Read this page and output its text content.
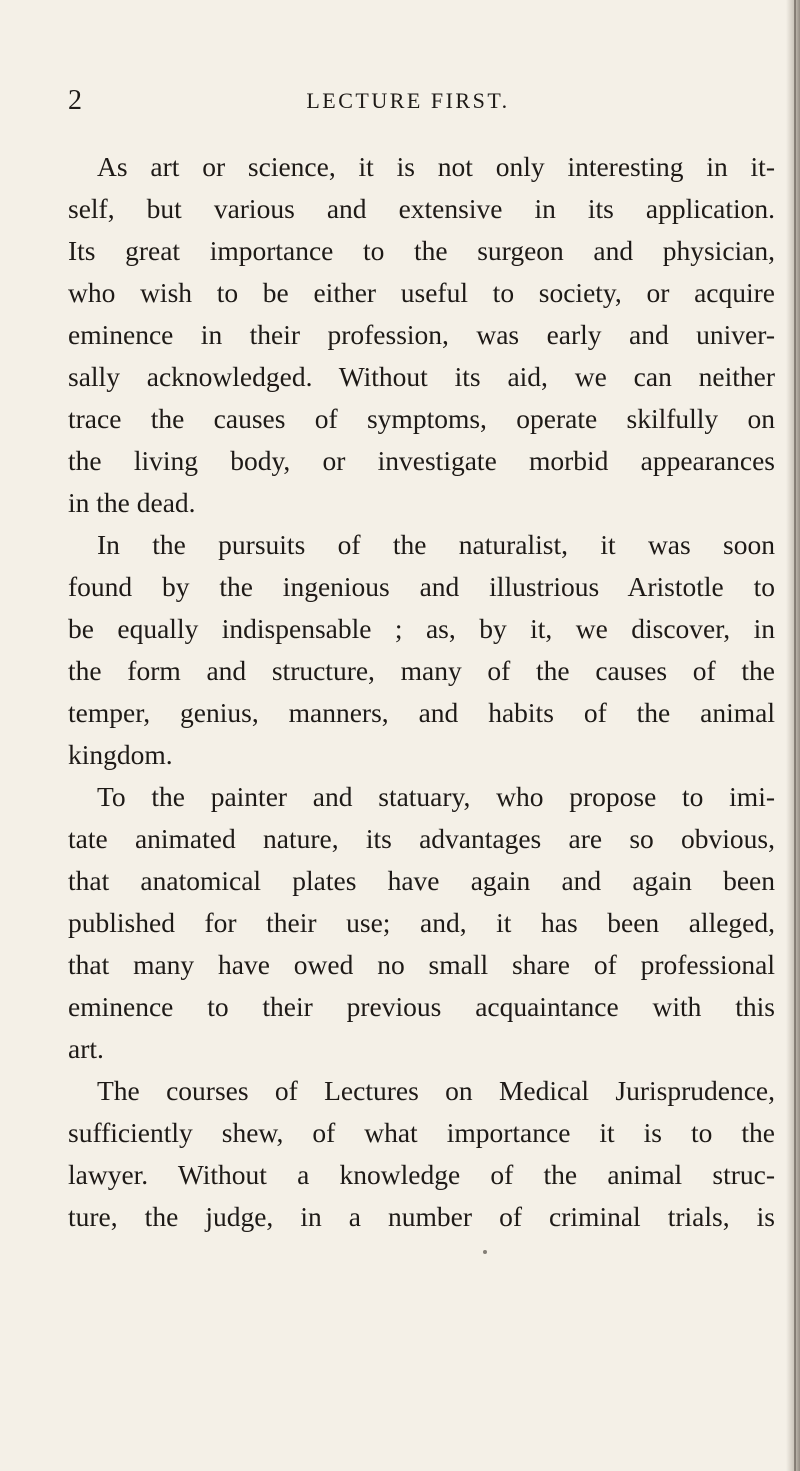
2	LECTURE FIRST.
As art or science, it is not only interesting in it-
self, but various and extensive in its application.
Its great importance to the surgeon and physician,
who wish to be either useful to society, or acquire
eminence in their profession, was early and univer-
sally acknowledged. Without its aid, we can neither
trace the causes of symptoms, operate skilfully on
the living body, or investigate morbid appearances
in the dead.
In the pursuits of the naturalist, it was soon
found by the ingenious and illustrious Aristotle to
be equally indispensable ; as, by it, we discover, in
the form and structure, many of the causes of the
temper, genius, manners, and habits of the animal
kingdom.
To the painter and statuary, who propose to imi-
tate animated nature, its advantages are so obvious,
that anatomical plates have again and again been
published for their use; and, it has been alleged,
that many have owed no small share of professional
eminence to their previous acquaintance with this
art.
The courses of Lectures on Medical Jurisprudence,
sufficiently shew, of what importance it is to the
lawyer. Without a knowledge of the animal struc-
ture, the judge, in a number of criminal trials, is
